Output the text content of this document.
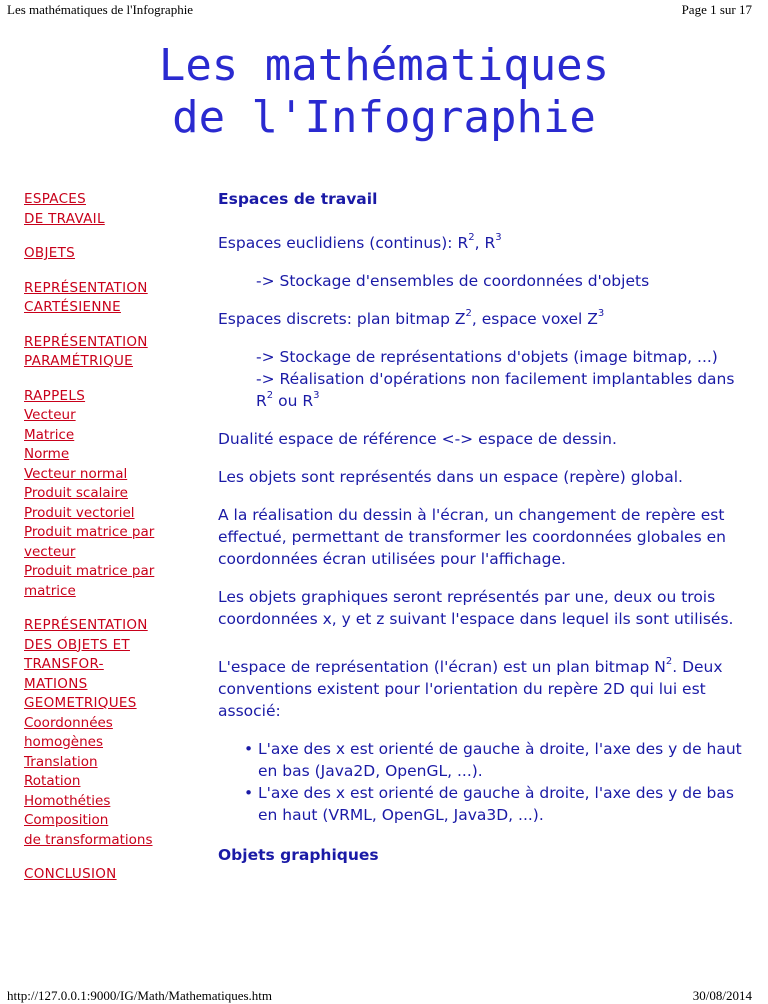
Les mathématiques de l'Infographie	Page 1 sur 17
Les mathématiques
de l'Infographie
ESPACES
DE TRAVAIL
OBJETS
REPRÉSENTATION
CARTÉSIENNE
REPRÉSENTATION
PARAMÉTRIQUE
RAPPELS
Vecteur
Matrice
Norme
Vecteur normal
Produit scalaire
Produit vectoriel
Produit matrice par
vecteur
Produit matrice par
matrice
REPRÉSENTATION
DES OBJETS ET
TRANSFOR-
MATIONS
GEOMETRIQUES
Coordonnées
homogènes
Translation
Rotation
Homothéties
Composition
de transformations
CONCLUSION

Espaces de travail

Espaces euclidiens (continus): $R^2$, $R^3$

-> Stockage d'ensembles de coordonnées d'objets

Espaces discrets: plan bitmap $Z^2$, espace voxel $Z^3$

-> Stockage de représentations d'objets (image bitmap, ...)
-> Réalisation d'opérations non facilement implantables dans $R^2$ ou $R^3$

Dualité espace de référence <-> espace de dessin.

Les objets sont représentés dans un espace (repère) global.

A la réalisation du dessin à l'écran, un changement de repère est effectué, permettant de transformer les coordonnées globales en coordonnées écran utilisées pour l'affichage.

Les objets graphiques seront représentés par une, deux ou trois coordonnées x, y et z suivant l'espace dans lequel ils sont utilisés.

L'espace de représentation (l'écran) est un plan bitmap $N^2$. Deux conventions existent pour l'orientation du repère 2D qui lui est associé:

• L'axe des x est orienté de gauche à droite, l'axe des y de haut en bas (Java2D, OpenGL, ...).
• L'axe des x est orienté de gauche à droite, l'axe des y de bas en haut (VRML, OpenGL, Java3D, ...).

Objets graphiques

http://127.0.0.1:9000/IG/Math/Mathematiques.htm	30/08/2014
